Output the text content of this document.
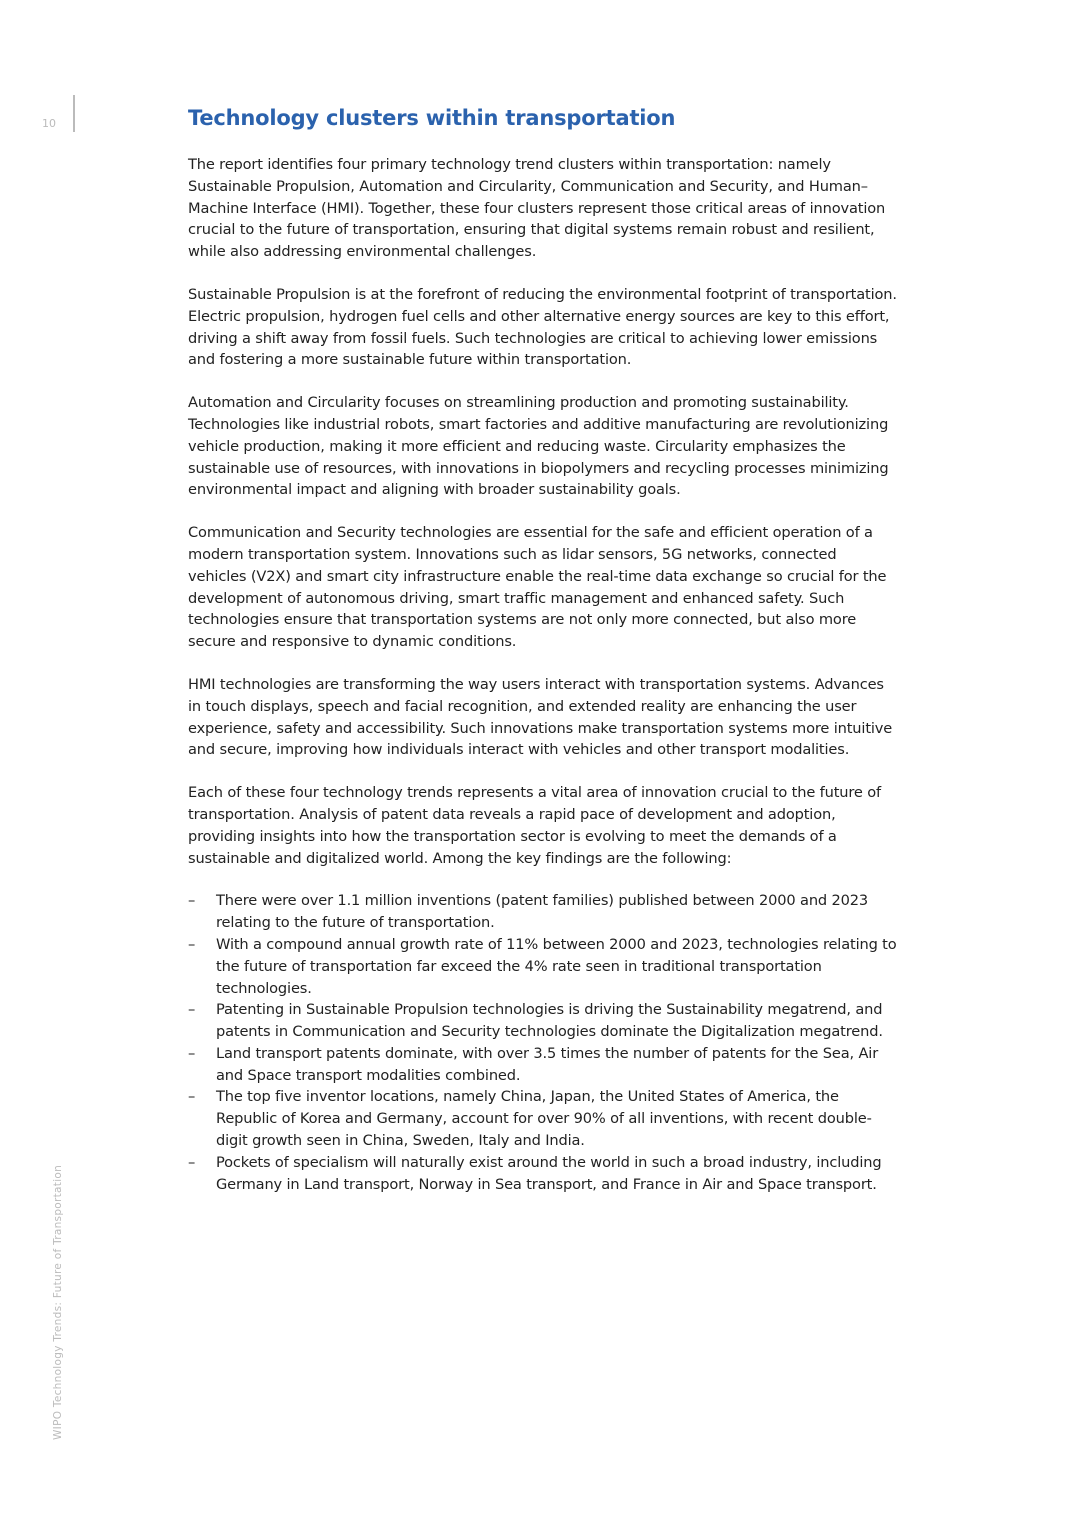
10
WIPO Technology Trends: Future of Transportation
Technology clusters within transportation

The report identifies four primary technology trend clusters within transportation: namely Sustainable Propulsion, Automation and Circularity, Communication and Security, and Human–Machine Interface (HMI). Together, these four clusters represent those critical areas of innovation crucial to the future of transportation, ensuring that digital systems remain robust and resilient, while also addressing environmental challenges.

Sustainable Propulsion is at the forefront of reducing the environmental footprint of transportation. Electric propulsion, hydrogen fuel cells and other alternative energy sources are key to this effort, driving a shift away from fossil fuels. Such technologies are critical to achieving lower emissions and fostering a more sustainable future within transportation.

Automation and Circularity focuses on streamlining production and promoting sustainability. Technologies like industrial robots, smart factories and additive manufacturing are revolutionizing vehicle production, making it more efficient and reducing waste. Circularity emphasizes the sustainable use of resources, with innovations in biopolymers and recycling processes minimizing environmental impact and aligning with broader sustainability goals.

Communication and Security technologies are essential for the safe and efficient operation of a modern transportation system. Innovations such as lidar sensors, 5G networks, connected vehicles (V2X) and smart city infrastructure enable the real-time data exchange so crucial for the development of autonomous driving, smart traffic management and enhanced safety. Such technologies ensure that transportation systems are not only more connected, but also more secure and responsive to dynamic conditions.

HMI technologies are transforming the way users interact with transportation systems. Advances in touch displays, speech and facial recognition, and extended reality are enhancing the user experience, safety and accessibility. Such innovations make transportation systems more intuitive and secure, improving how individuals interact with vehicles and other transport modalities.

Each of these four technology trends represents a vital area of innovation crucial to the future of transportation. Analysis of patent data reveals a rapid pace of development and adoption, providing insights into how the transportation sector is evolving to meet the demands of a sustainable and digitalized world. Among the key findings are the following:

– There were over 1.1 million inventions (patent families) published between 2000 and 2023 relating to the future of transportation.
– With a compound annual growth rate of 11% between 2000 and 2023, technologies relating to the future of transportation far exceed the 4% rate seen in traditional transportation technologies.
– Patenting in Sustainable Propulsion technologies is driving the Sustainability megatrend, and patents in Communication and Security technologies dominate the Digitalization megatrend.
– Land transport patents dominate, with over 3.5 times the number of patents for the Sea, Air and Space transport modalities combined.
– The top five inventor locations, namely China, Japan, the United States of America, the Republic of Korea and Germany, account for over 90% of all inventions, with recent double-digit growth seen in China, Sweden, Italy and India.
– Pockets of specialism will naturally exist around the world in such a broad industry, including Germany in Land transport, Norway in Sea transport, and France in Air and Space transport.
